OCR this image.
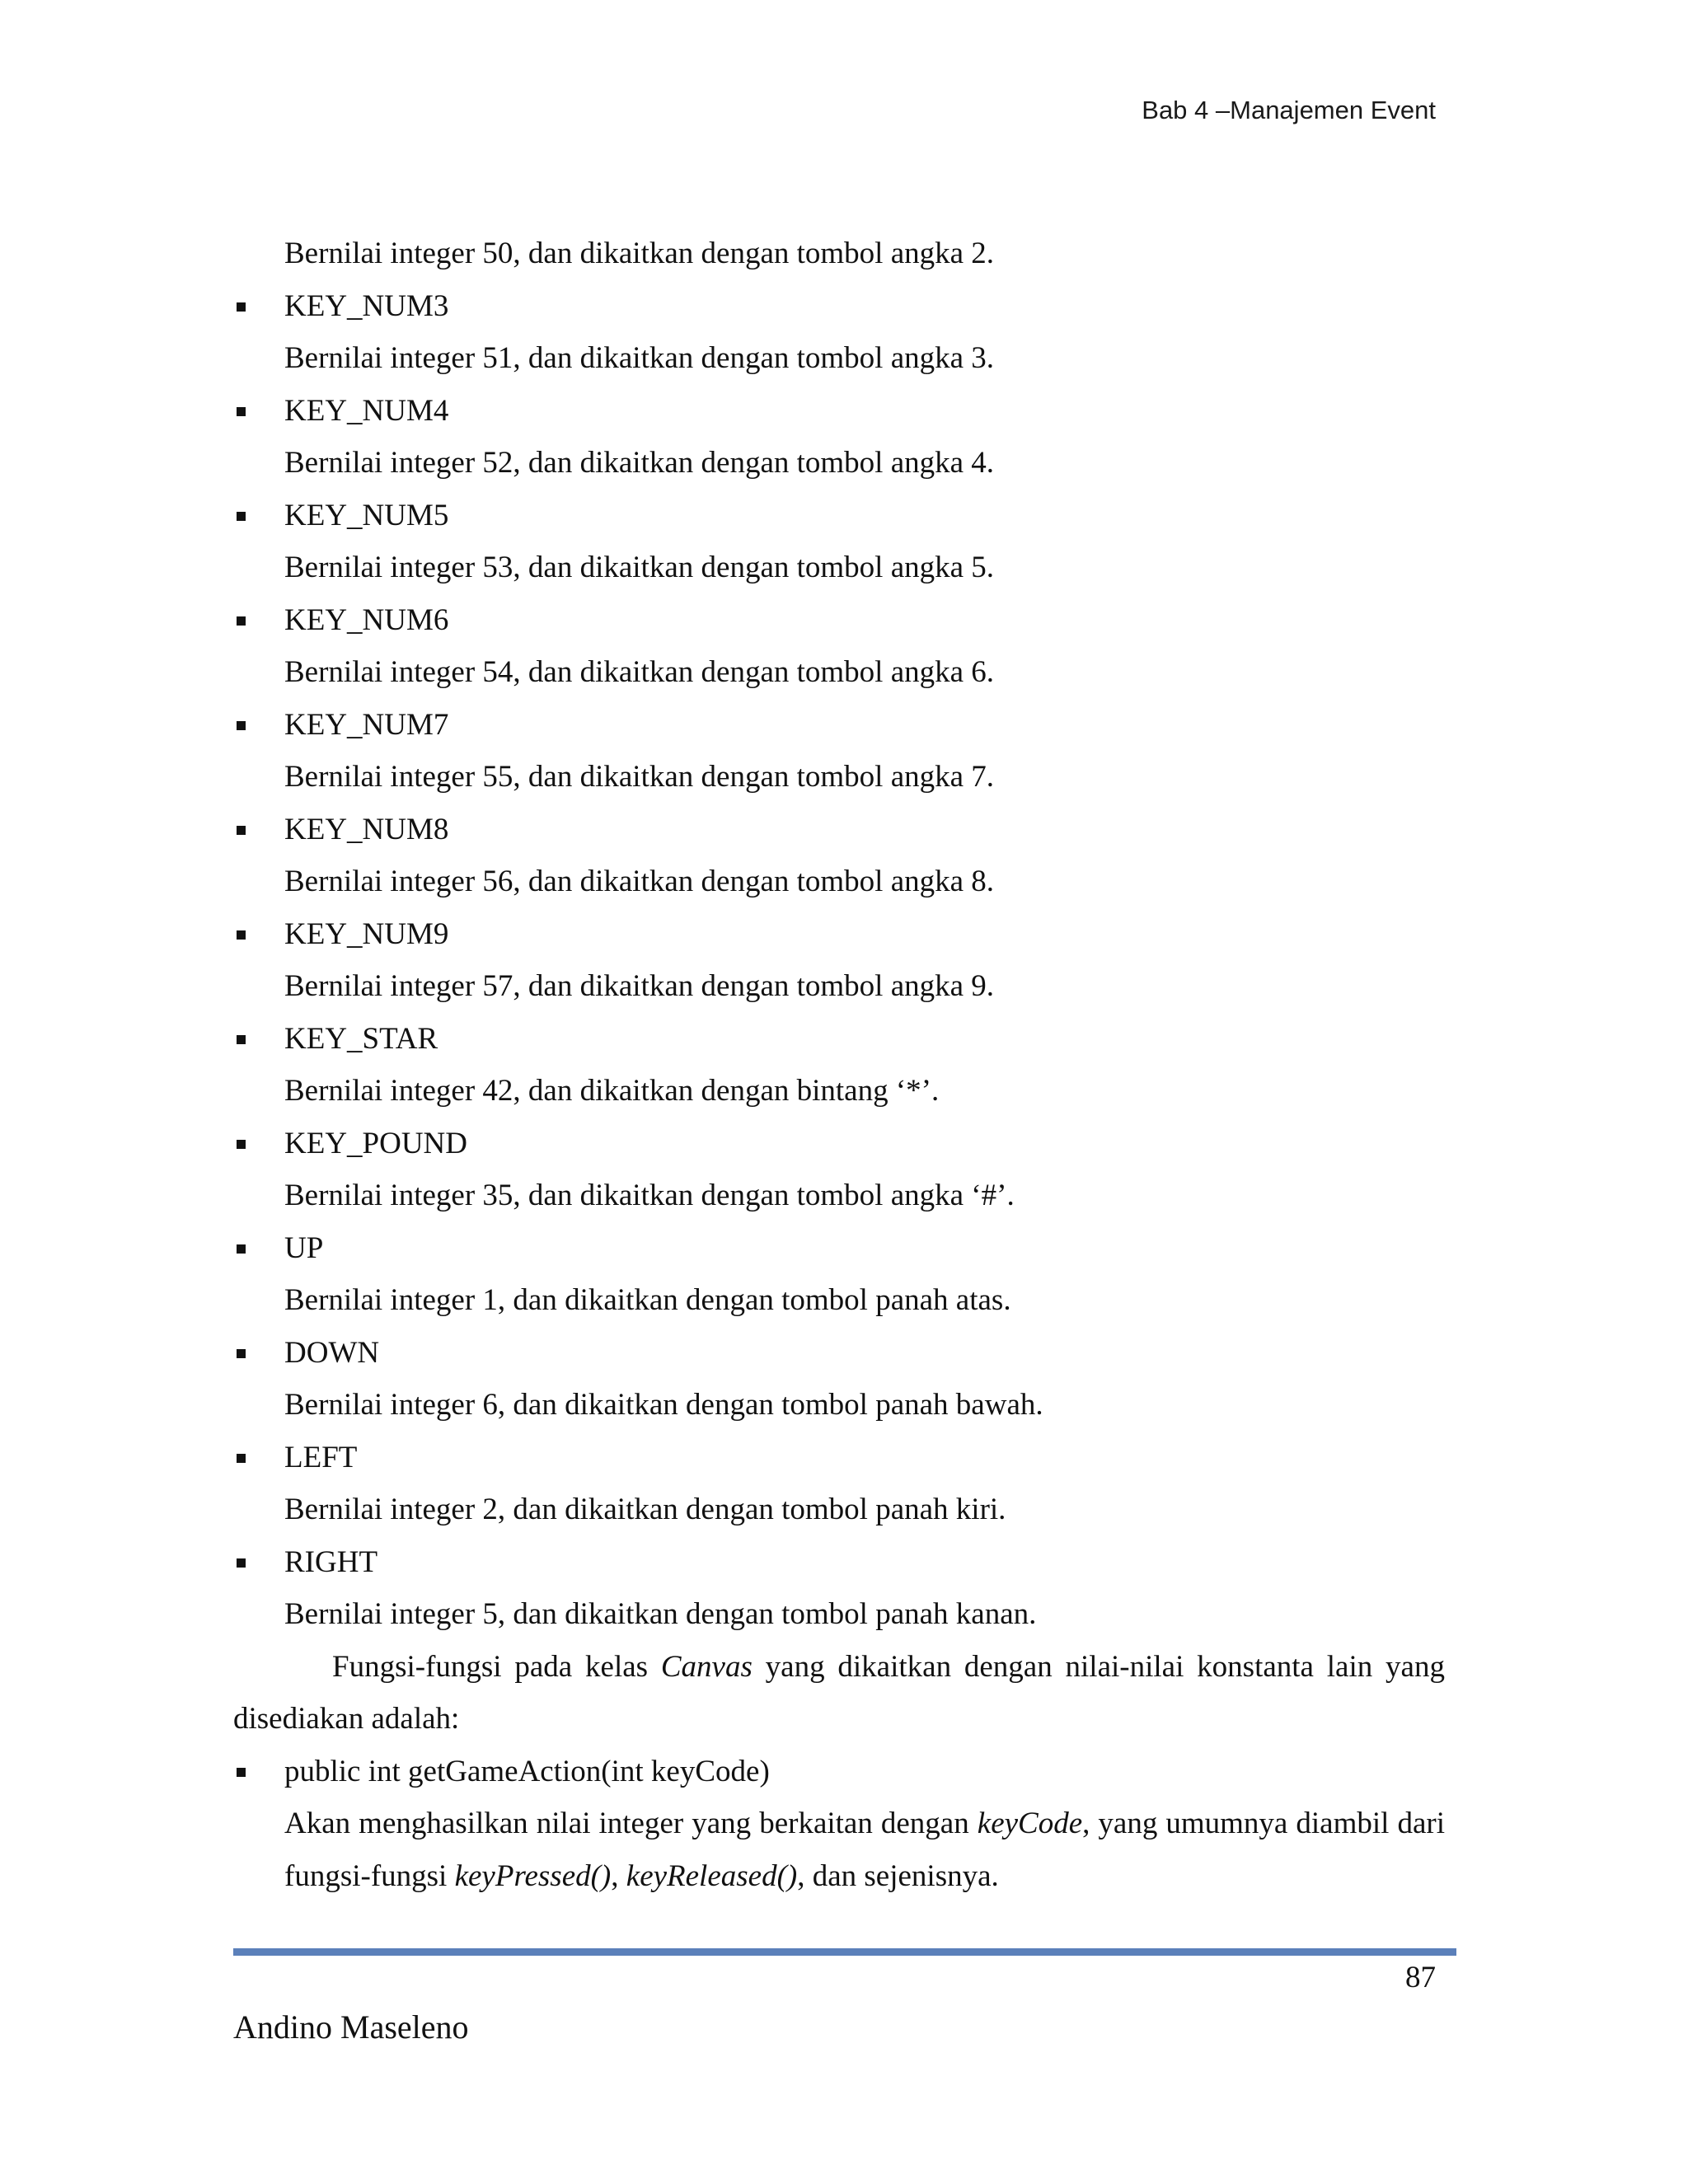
Bab 4 –Manajemen Event
Bernilai integer 50, dan dikaitkan dengan tombol angka 2.
KEY_NUM3
Bernilai integer 51, dan dikaitkan dengan tombol angka 3.
KEY_NUM4
Bernilai integer 52, dan dikaitkan dengan tombol angka 4.
KEY_NUM5
Bernilai integer 53, dan dikaitkan dengan tombol angka 5.
KEY_NUM6
Bernilai integer 54, dan dikaitkan dengan tombol angka 6.
KEY_NUM7
Bernilai integer 55, dan dikaitkan dengan tombol angka 7.
KEY_NUM8
Bernilai integer 56, dan dikaitkan dengan tombol angka 8.
KEY_NUM9
Bernilai integer 57, dan dikaitkan dengan tombol angka 9.
KEY_STAR
Bernilai integer 42, dan dikaitkan dengan bintang ‘*’.
KEY_POUND
Bernilai integer 35, dan dikaitkan dengan tombol angka ‘#’.
UP
Bernilai integer 1, dan dikaitkan dengan tombol panah atas.
DOWN
Bernilai integer 6, dan dikaitkan dengan tombol panah bawah.
LEFT
Bernilai integer 2, dan dikaitkan dengan tombol panah kiri.
RIGHT
Bernilai integer 5, dan dikaitkan dengan tombol panah kanan.
Fungsi-fungsi pada kelas Canvas yang dikaitkan dengan nilai-nilai konstanta lain yang disediakan adalah:
public int getGameAction(int keyCode)
Akan menghasilkan nilai integer yang berkaitan dengan keyCode, yang umumnya diambil dari fungsi-fungsi keyPressed(), keyReleased(), dan sejenisnya.
87
Andino Maseleno
